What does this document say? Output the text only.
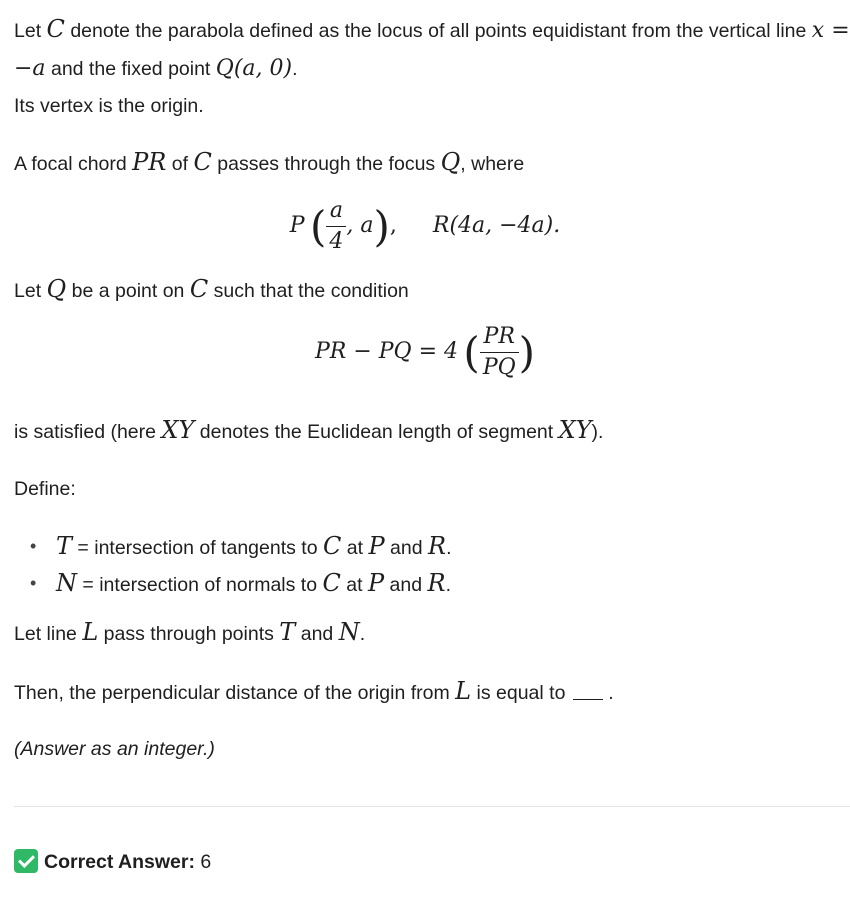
Let C denote the parabola defined as the locus of all points equidistant from the vertical line x = −a and the fixed point Q(a, 0).
Its vertex is the origin.

A focal chord PR of C passes through the focus Q, where

P ( $\frac{a}{4}$ , a), R(4a, −4a).

Let Q be a point on C such that the condition

PR − PQ = 4 ( $\frac{PR}{PQ}$ )

is satisfied (here XY denotes the Euclidean length of segment XY).

Define:

• T = intersection of tangents to C at P and R.
• N = intersection of normals to C at P and R.

Let line L pass through points T and N.

Then, the perpendicular distance of the origin from L is equal to  .

(Answer as an integer.)

Correct Answer: 6
